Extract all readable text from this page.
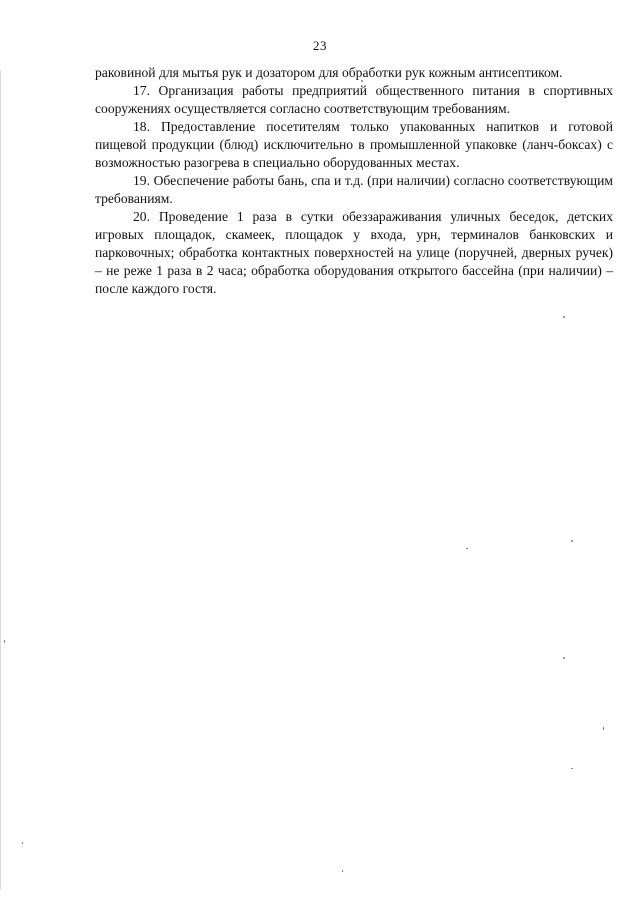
23

раковиной для мытья рук и дозатором для обработки рук кожным антисептиком.

17. Организация работы предприятий общественного питания в спортивных сооружениях осуществляется согласно соответствующим требованиям.

18. Предоставление посетителям только упакованных напитков и готовой пищевой продукции (блюд) исключительно в промышленной упаковке (ланч-боксах) с возможностью разогрева в специально оборудованных местах.

19. Обеспечение работы бань, спа и т.д. (при наличии) согласно соответствующим требованиям.

20. Проведение 1 раза в сутки обеззараживания уличных беседок, детских игровых площадок, скамеек, площадок у входа, урн, терминалов банковских и парковочных; обработка контактных поверхностей на улице (поручней, дверных ручек) – не реже 1 раза в 2 часа; обработка оборудования открытого бассейна (при наличии) – после каждого гостя.
